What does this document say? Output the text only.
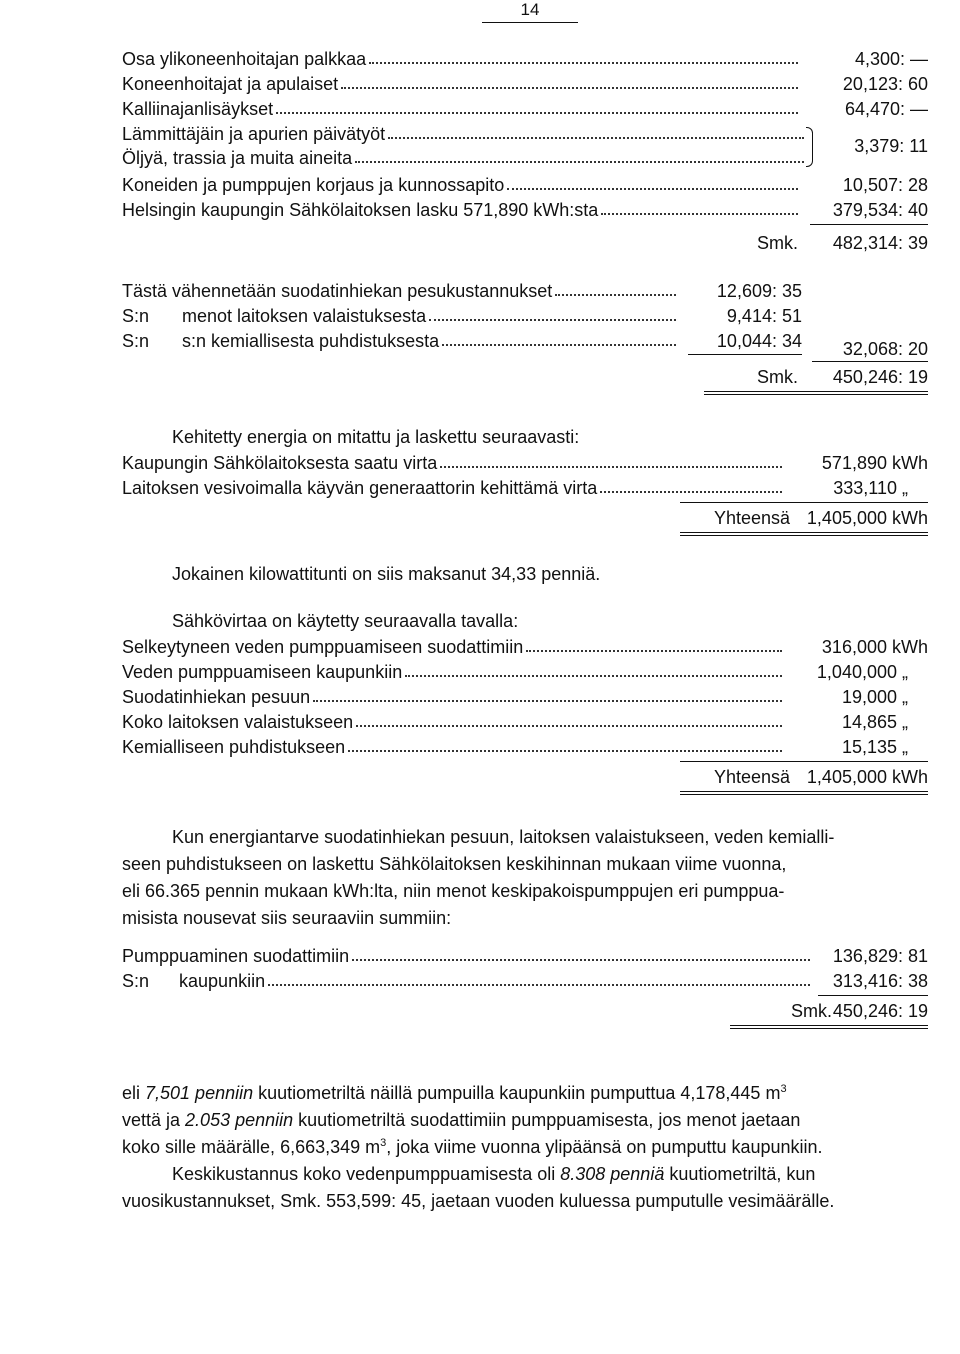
14
Osa ylikoneenhoitajan palkkaa	4,300: —
Koneenhoitajat ja apulaiset	20,123: 60
Kalliinajanlisäykset	64,470: —
Lämmittäjäin ja apurien päivätyöt
Öljyä, trassia ja muita aineita
3,379: 11
Koneiden ja pumppujen korjaus ja kunnossapito	10,507: 28
Helsingin kaupungin Sähkölaitoksen lasku 571,890 kWh:sta	379,534: 40
Smk. 482,314: 39
Tästä vähennetään suodatinhiekan pesukustannukset	12,609: 35
S:n menot laitoksen valaistuksesta	9,414: 51
S:n s:n kemiallisesta puhdistuksesta	10,044: 34 32,068: 20
Smk. 450,246: 19
Kehitetty energia on mitattu ja laskettu seuraavasti:
Kaupungin Sähkölaitoksesta saatu virta	571,890 kWh
Laitoksen vesivoimalla käyvän generaattorin kehittämä virta	333,110 „
Yhteensä 1,405,000 kWh
Jokainen kilowattitunti on siis maksanut 34,33 penniä.
Sähkövirtaa on käytetty seuraavalla tavalla:
Selkeytyneen veden pumppuamiseen suodattimiin	316,000 kWh
Veden pumppuamiseen kaupunkiin	1,040,000 „
Suodatinhiekan pesuun	19,000 „
Koko laitoksen valaistukseen	14,865 „
Kemialliseen puhdistukseen	15,135 „
Yhteensä 1,405,000 kWh
Kun energiantarve suodatinhiekan pesuun, laitoksen valaistukseen, veden kemialli-
seen puhdistukseen on laskettu Sähkölaitoksen keskihinnan mukaan viime vuonna,
eli 66.365 pennin mukaan kWh:lta, niin menot keskipakoispumppujen eri pumppua-
misista nousevat siis seuraaviin summiin:
Pumppuaminen suodattimiin	136,829: 81
S:n      kaupunkiin	313,416: 38
Smk. 450,246: 19
eli 7,501 penniin kuutiometriltä näillä pumpuilla kaupunkiin pumputtua 4,178,445 $m^3$
vettä ja 2.053 penniin kuutiometriltä suodattimiin pumppuamisesta, jos menot jaetaan
koko sille määrälle, 6,663,349 $m^3$, joka viime vuonna ylipäänsä on pumputtu kaupunkiin.
Keskikustannus koko vedenpumppuamisesta oli 8.308 penniä kuutiometriltä, kun
vuosikustannukset, Smk. 553,599: 45, jaetaan vuoden kuluessa pumputulle vesimäärälle.
